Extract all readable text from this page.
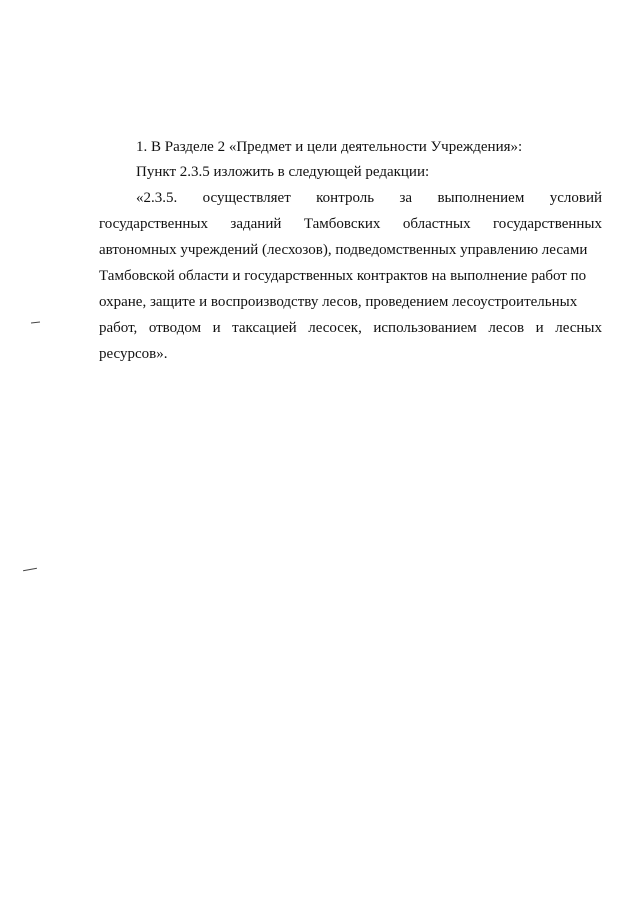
1. В Разделе 2 «Предмет и цели деятельности Учреждения»:
Пункт 2.3.5 изложить в следующей редакции:
«2.3.5. осуществляет контроль за выполнением условий
государственных заданий Тамбовских областных государственных
автономных учреждений (лесхозов), подведомственных управлению лесами
Тамбовской области и государственных контрактов на выполнение работ по
охране, защите и воспроизводству лесов, проведением лесоустроительных
работ, отводом и таксацией лесосек, использованием лесов и лесных
ресурсов».
